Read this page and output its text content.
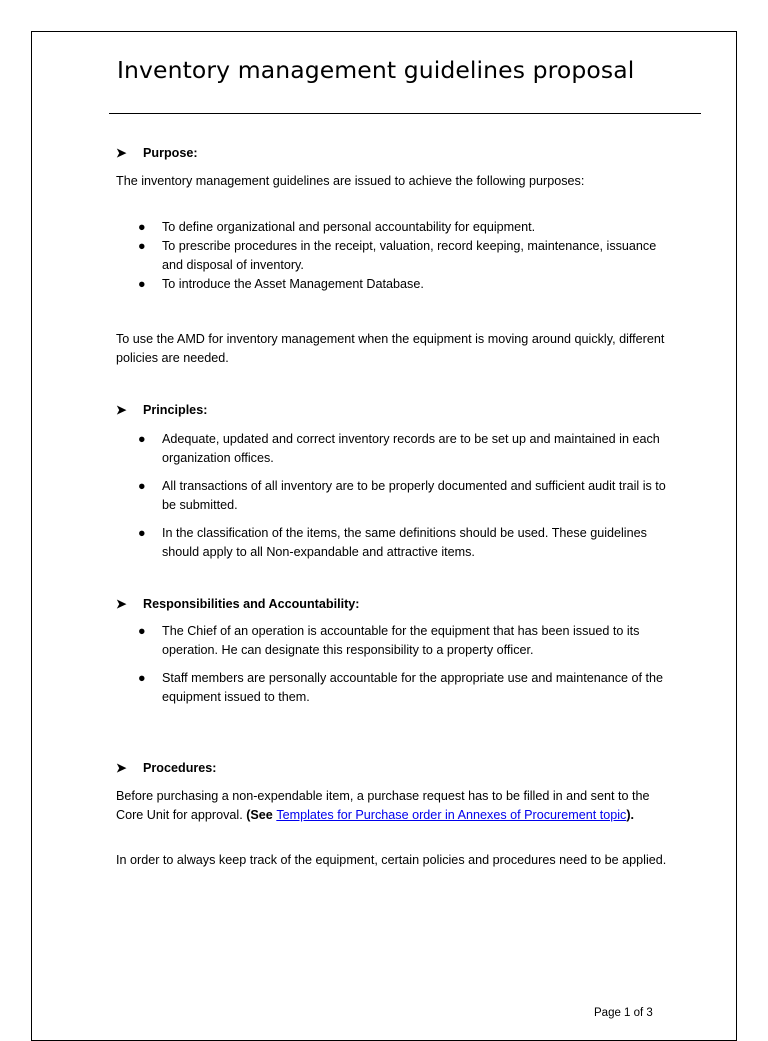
Inventory management guidelines proposal
➤ Purpose:
The inventory management guidelines are issued to achieve the following purposes:
● To define organizational and personal accountability for equipment.
● To prescribe procedures in the receipt, valuation, record keeping, maintenance, issuance and disposal of inventory.
● To introduce the Asset Management Database.
To use the AMD for inventory management when the equipment is moving around quickly, different policies are needed.
➤ Principles:
● Adequate, updated and correct inventory records are to be set up and maintained in each organization offices.
● All transactions of all inventory are to be properly documented and sufficient audit trail is to be submitted.
● In the classification of the items, the same definitions should be used. These guidelines should apply to all Non-expandable and attractive items.
➤ Responsibilities and Accountability:
● The Chief of an operation is accountable for the equipment that has been issued to its operation. He can designate this responsibility to a property officer.
● Staff members are personally accountable for the appropriate use and maintenance of the equipment issued to them.
➤ Procedures:
Before purchasing a non-expendable item, a purchase request has to be filled in and sent to the Core Unit for approval. (See Templates for Purchase order in Annexes of Procurement topic).
In order to always keep track of the equipment, certain policies and procedures need to be applied.
Page 1 of 3
